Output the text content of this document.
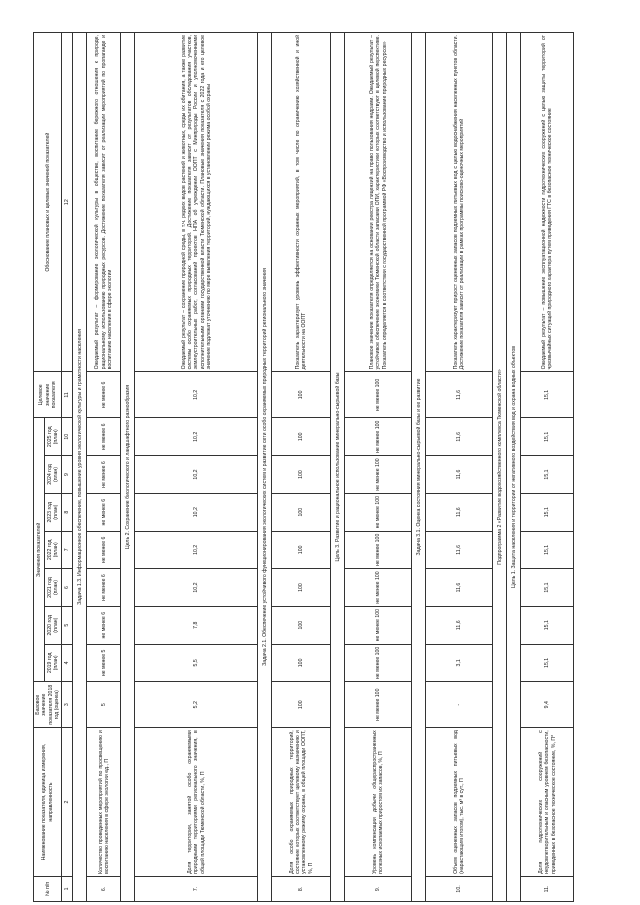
№ п/п	Наименование показателя, единица измерения, направленность	Базовое значение показателя 2018 год (оценка)	Значения показателей							Целевое значение показателя	Обоснование плановых и целевых значений показателей
			2019 год (план)	2020 год (план)	2021 год (план)	2022 год (план)	2023 год (план)	2024 год (план)	2025 год (план)		
1	2	3	4	5	6	7	8	9	10	11	12
Задача 1.3. Информационное обеспечение, повышение уровня экологической культуры и грамотности населения											
6.	Количество проведенных мероприятий по просвещению и воспитанию населения в сфере экологии ед., П	5	не менее 5	не менее 6	не менее 6	не менее 6	не менее 6	не менее 6	не менее 6	не менее 6	Ожидаемый результат – формирование экологической культуры в обществе, воспитание бережного отношения к природе, рациональному использованию природных ресурсов. Достижение показателя зависит от реализации мероприятий по пропаганде и воспитанию населения в сфере экологии
Цель 2. Сохранение биологического и ландшафтного разнообразия											
7.	Доля территории, занятой особо охраняемыми природными территориями регионального значения, в общей площади Тюменской области, %, П	5,2	5,5	7,8	10,2	10,2	10,2	10,2	10,2	10,2	Ожидаемый результат – сохранение природной среды, в т.ч. редких видов растений и животных, среды их обитания, а также развитие системы особо охраняемых природных территорий. Достижение показателя зависит от результатов обследования участков, землеустроительных работ, согласований проектов НПА об учреждении ООПТ с Минприроды России и уполномоченными исполнительными органами государственной власти Тюменской области. Плановые значения показателя с 2022 года и его целевое значение подлежат уточнению по мере выявления территорий, нуждающихся в установлении режима особой охраны
Задача 2.1. Обеспечение устойчивого функционирования экологических систем и развитие сети особо охраняемых природных территорий регионального значения											
8.	Доля особо охраняемых природных территорий, состояние которых соответствует целевому назначению и установленному режиму охраны, в общей площади ООПТ, %, П	100	100	100	100	100	100	100	100	100	Показатель характеризует уровень эффективности охранных мероприятий, в том числе по ограничению хозяйственной и иной деятельности на ООПТ
Цель 3. Развитие и рациональное использование минерально-сырьевой базы											
9.	Уровень компенсации добычи общераспространенных полезных ископаемых приростом их запасов, %, П	не менее 100	не менее 100	не менее 100	не менее 100	не менее 100	не менее 100	не менее 100	не менее 100	не менее 100	Плановое значение показателя определяется на основании реестра лицензий на право пользования недрами. Ожидаемый результат – устойчивое обеспечение экономики Тюменской области запасами ОПИ, характеристики которых соответствуют в целевой перспективе. Показатель определяется в соответствии с государственной программой РФ «Воспроизводство и использование природных ресурсов»
Задача 3.1. Оценка состояния минерально-сырьевой базы и ее развитие											
10.	Объем оцененных запасов подземных питьевых вод (нарастающим итогом), тыс. м³ в сут., П	-	3,1	11,6	11,6	11,6	11,6	11,6	11,6	11,6	Показатель характеризует прирост оцененных запасов подземных питьевых вод с целью водоснабжения населенных пунктов области. Достижение показателя зависит от реализации в рамках программы поисково-оценочных мероприятий
Подпрограмма 2 «Развитие водохозяйственного комплекса Тюменской области»											
Цель 1. Защита населения и территории от негативного воздействия вод и охрана водных объектов											
11.	Доля гидротехнических сооружений с неудовлетворительным и опасным уровнем безопасности, приведенных в безопасное техническое состояние, %, П*	9,4	15,1	15,1	15,1	15,1	15,1	15,1	15,1	15,1	Ожидаемый результат – повышение эксплуатационной надежности гидротехнических сооружений с целью защиты территорий от чрезвычайных ситуаций природного характера путем приведения ГТС в безопасное техническое состояние
